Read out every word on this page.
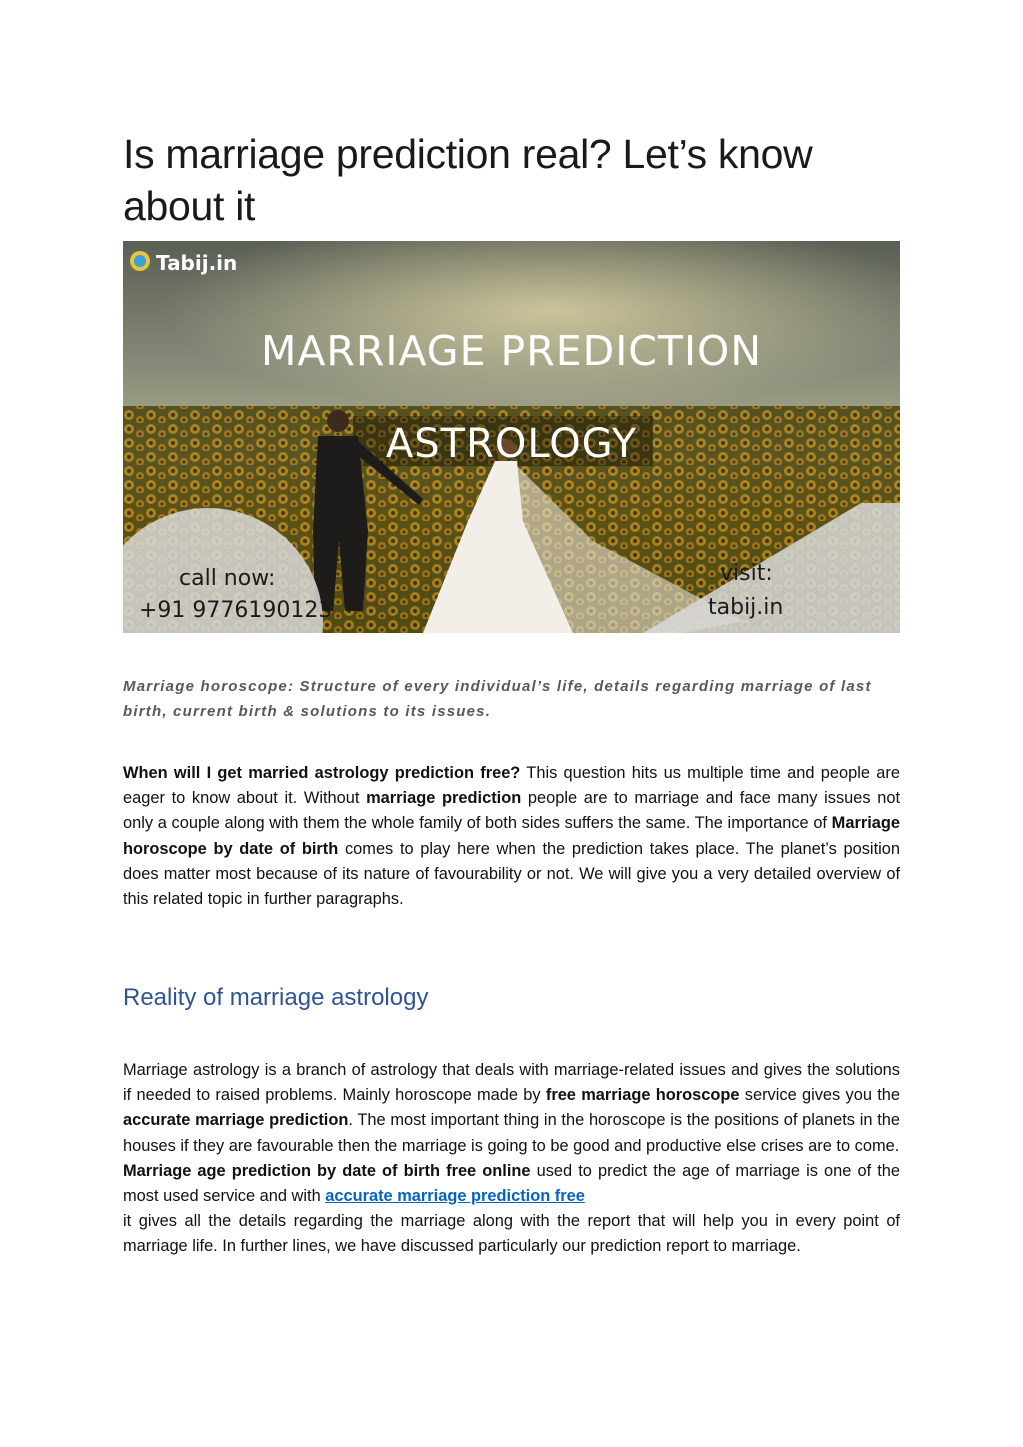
Is marriage prediction real? Let’s know about it
Tabij.in
MARRIAGE PREDICTION
ASTROLOGY
call now:
+91 9776190123
visit:
tabij.in

Marriage horoscope: Structure of every individual’s life, details regarding marriage of last birth, current birth & solutions to its issues.

When will I get married astrology prediction free? This question hits us multiple time and people are eager to know about it. Without marriage prediction people are to marriage and face many issues not only a couple along with them the whole family of both sides suffers the same. The importance of Marriage horoscope by date of birth comes to play here when the prediction takes place. The planet’s position does matter most because of its nature of favourability or not. We will give you a very detailed overview of this related topic in further paragraphs.

Reality of marriage astrology

Marriage astrology is a branch of astrology that deals with marriage-related issues and gives the solutions if needed to raised problems. Mainly horoscope made by free marriage horoscope service gives you the accurate marriage prediction. The most important thing in the horoscope is the positions of planets in the houses if they are favourable then the marriage is going to be good and productive else crises are to come.
Marriage age prediction by date of birth free online used to predict the age of marriage is one of the most used service and with accurate marriage prediction free
it gives all the details regarding the marriage along with the report that will help you in every point of marriage life. In further lines, we have discussed particularly our prediction report to marriage.
